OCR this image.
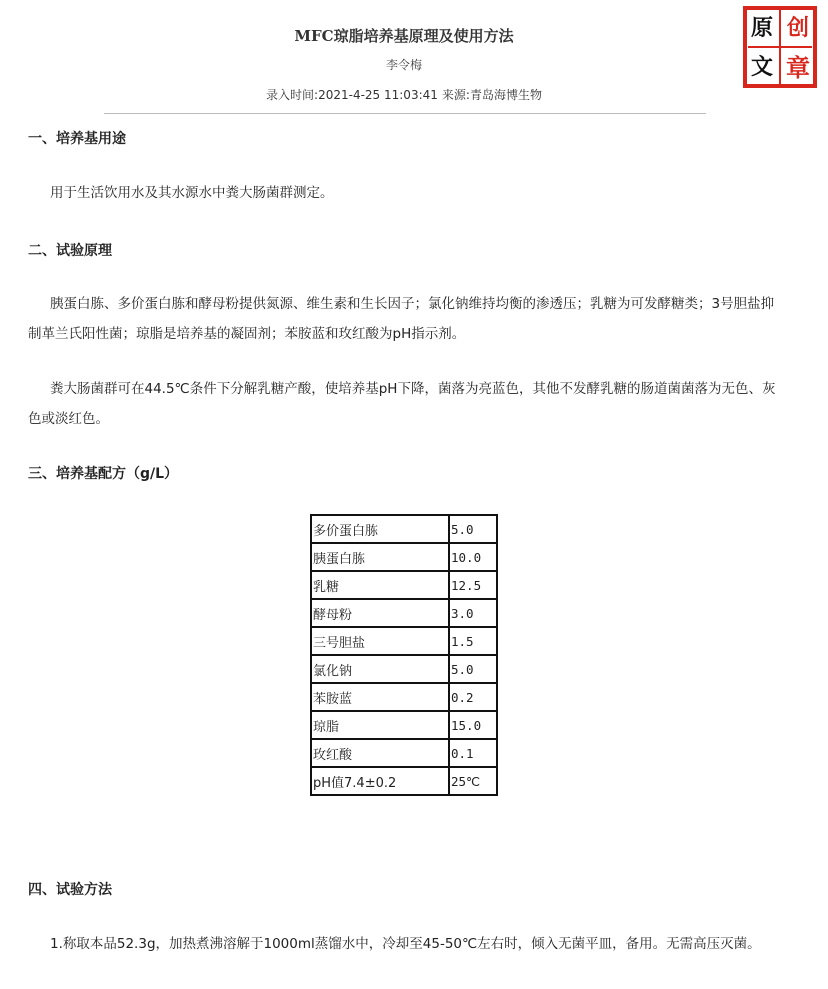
MFC琼脂培养基原理及使用方法
李令梅
录入时间:2021-4-25 11:03:41 来源:青岛海博生物
原 创
文 章
一、培养基用途
用于生活饮用水及其水源水中粪大肠菌群测定。
二、试验原理
胰蛋白胨、多价蛋白胨和酵母粉提供氮源、维生素和生长因子；氯化钠维持均衡的渗透压；乳糖为可发酵糖类；3号胆盐抑制革兰氏阳性菌；琼脂是培养基的凝固剂；苯胺蓝和玫红酸为pH指示剂。
粪大肠菌群可在44.5℃条件下分解乳糖产酸，使培养基pH下降，菌落为亮蓝色，其他不发酵乳糖的肠道菌菌落为无色、灰色或淡红色。
三、培养基配方（g/L）
多价蛋白胨	5.0
胰蛋白胨	10.0
乳糖	12.5
酵母粉	3.0
三号胆盐	1.5
氯化钠	5.0
苯胺蓝	0.2
琼脂	15.0
玫红酸	0.1
pH值7.4±0.2	25℃
四、试验方法
1.称取本品52.3g，加热煮沸溶解于1000ml蒸馏水中，冷却至45-50℃左右时，倾入无菌平皿，备用。无需高压灭菌。
